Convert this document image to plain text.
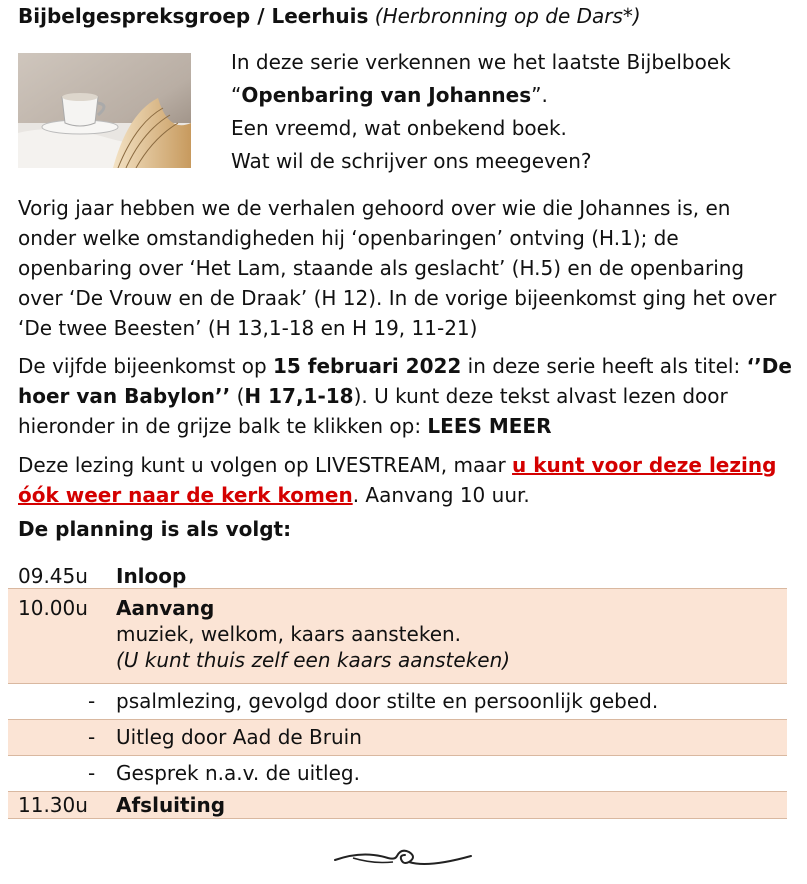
Bijbelgespreksgroep / Leerhuis (Herbronning op de Dars*)

In deze serie verkennen we het laatste Bijbelboek

“Openbaring van Johannes”.

Een vreemd, wat onbekend boek.

Wat wil de schrijver ons meegeven?

Vorig jaar hebben we de verhalen gehoord over wie die Johannes is, en onder welke omstandigheden hij ‘openbaringen’ ontving (H.1); de openbaring over ‘Het Lam, staande als geslacht’ (H.5) en de openbaring over ‘De Vrouw en de Draak’ (H 12). In de vorige bijeenkomst ging het over ‘De twee Beesten’ (H 13,1-18 en H 19, 11-21)

De vijfde bijeenkomst op 15 februari 2022 in deze serie heeft als titel: ‘’De hoer van Babylon’’ (H 17,1-18). U kunt deze tekst alvast lezen door hieronder in de grijze balk te klikken op: LEES MEER

Deze lezing kunt u volgen op LIVESTREAM, maar u kunt voor deze lezing óók weer naar de kerk komen. Aanvang 10 uur.

De planning is als volgt:
09.45u Inloop
10.00u Aanvang
muziek, welkom, kaars aansteken.
(U kunt thuis zelf een kaars aansteken)
- psalmlezing, gevolgd door stilte en persoonlijk gebed.
- Uitleg door Aad de Bruin
- Gesprek n.a.v. de uitleg.
11.30u Afsluiting
